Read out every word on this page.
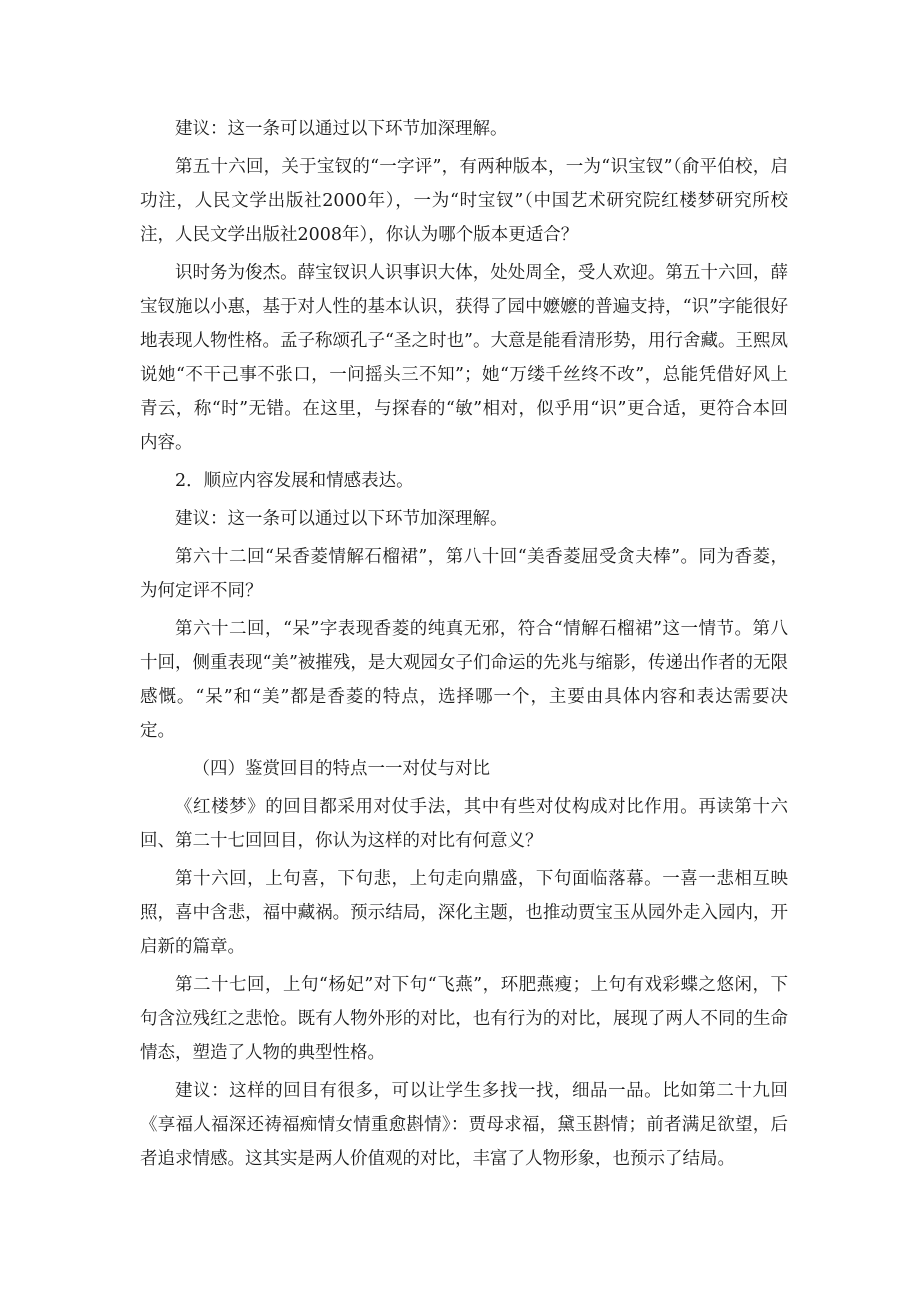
建议：这一条可以通过以下环节加深理解。

第五十六回，关于宝钗的“一字评”，有两种版本，一为“识宝钗”（俞平伯校，启功注，人民文学出版社2000年），一为“时宝钗”（中国艺术研究院红楼梦研究所校注，人民文学出版社2008年），你认为哪个版本更适合？

识时务为俊杰。薛宝钗识人识事识大体，处处周全，受人欢迎。第五十六回，薛宝钗施以小惠，基于对人性的基本认识，获得了园中嬷嬷的普遍支持，“识”字能很好地表现人物性格。孟子称颂孔子“圣之时也”。大意是能看清形势，用行舍藏。王熙凤说她“不干己事不张口，一问摇头三不知”；她“万缕千丝终不改”，总能凭借好风上青云，称“时”无错。在这里，与探春的“敏”相对，似乎用“识”更合适，更符合本回内容。

2．顺应内容发展和情感表达。

建议：这一条可以通过以下环节加深理解。

第六十二回“呆香菱情解石榴裙”，第八十回“美香菱屈受贪夫棒”。同为香菱，为何定评不同？

第六十二回，“呆”字表现香菱的纯真无邪，符合“情解石榴裙”这一情节。第八十回，侧重表现“美”被摧残，是大观园女子们命运的先兆与缩影，传递出作者的无限感慨。“呆”和“美”都是香菱的特点，选择哪一个，主要由具体内容和表达需要决定。

（四）鉴赏回目的特点一一对仗与对比

《红楼梦》的回目都采用对仗手法，其中有些对仗构成对比作用。再读第十六回、第二十七回回目，你认为这样的对比有何意义？

第十六回，上句喜，下句悲，上句走向鼎盛，下句面临落幕。一喜一悲相互映照，喜中含悲，福中藏祸。预示结局，深化主题，也推动贾宝玉从园外走入园内，开启新的篇章。

第二十七回，上句“杨妃”对下句“飞燕”，环肥燕瘦；上句有戏彩蝶之悠闲，下句含泣残红之悲怆。既有人物外形的对比，也有行为的对比，展现了两人不同的生命情态，塑造了人物的典型性格。

建议：这样的回目有很多，可以让学生多找一找，细品一品。比如第二十九回《享福人福深还祷福痴情女情重愈斟情》：贾母求福，黛玉斟情；前者满足欲望，后者追求情感。这其实是两人价值观的对比，丰富了人物形象，也预示了结局。
